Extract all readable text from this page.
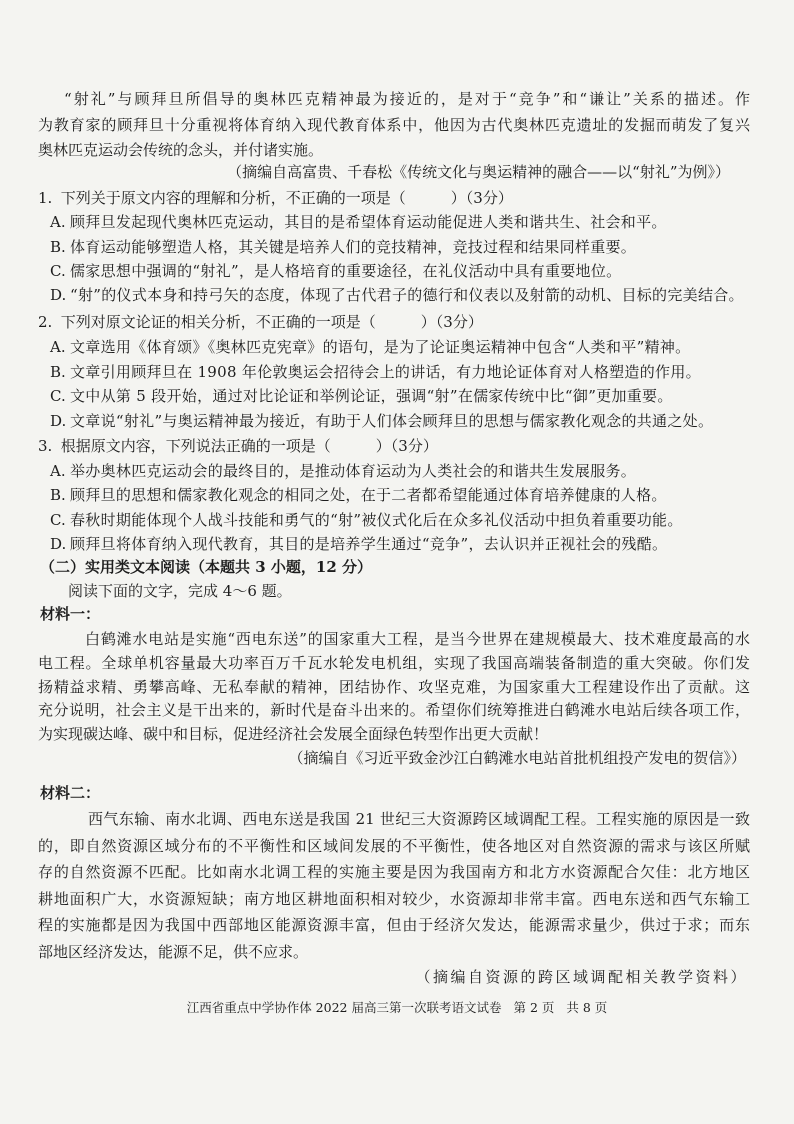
“射礼”与顾拜旦所倡导的奥林匹克精神最为接近的，是对于“竞争”和“谦让”关系的描述。作
为教育家的顾拜旦十分重视将体育纳入现代教育体系中，他因为古代奥林匹克遗址的发掘而萌发了复兴
奥林匹克运动会传统的念头，并付诸实施。
（摘编自高富贵、千春松《传统文化与奥运精神的融合——以“射礼”为例》）
1. 下列关于原文内容的理解和分析，不正确的一项是（　　　）（3分）
A. 顾拜旦发起现代奥林匹克运动，其目的是希望体育运动能促进人类和谐共生、社会和平。
B. 体育运动能够塑造人格，其关键是培养人们的竞技精神，竞技过程和结果同样重要。
C. 儒家思想中强调的“射礼”，是人格培育的重要途径，在礼仪活动中具有重要地位。
D. “射”的仪式本身和持弓矢的态度，体现了古代君子的德行和仪表以及射箭的动机、目标的完美结合。
2. 下列对原文论证的相关分析，不正确的一项是（　　　）（3分）
A. 文章选用《体育颂》《奥林匹克宪章》的语句，是为了论证奥运精神中包含“人类和平”精神。
B. 文章引用顾拜旦在 1908 年伦敦奥运会招待会上的讲话，有力地论证体育对人格塑造的作用。
C. 文中从第 5 段开始，通过对比论证和举例论证，强调“射”在儒家传统中比“御”更加重要。
D. 文章说“射礼”与奥运精神最为接近，有助于人们体会顾拜旦的思想与儒家教化观念的共通之处。
3. 根据原文内容，下列说法正确的一项是（　　　）（3分）
A. 举办奥林匹克运动会的最终目的，是推动体育运动为人类社会的和谐共生发展服务。
B. 顾拜旦的思想和儒家教化观念的相同之处，在于二者都希望能通过体育培养健康的人格。
C. 春秋时期能体现个人战斗技能和勇气的“射”被仪式化后在众多礼仪活动中担负着重要功能。
D. 顾拜旦将体育纳入现代教育，其目的是培养学生通过“竞争”，去认识并正视社会的残酷。
（二）实用类文本阅读（本题共 3 小题，12 分）
阅读下面的文字，完成 4～6 题。
材料一：
白鹤滩水电站是实施“西电东送”的国家重大工程，是当今世界在建规模最大、技术难度最高的水
电工程。全球单机容量最大功率百万千瓦水轮发电机组，实现了我国高端装备制造的重大突破。你们发
扬精益求精、勇攀高峰、无私奉献的精神，团结协作、攻坚克难，为国家重大工程建设作出了贡献。这
充分说明，社会主义是干出来的，新时代是奋斗出来的。希望你们统筹推进白鹤滩水电站后续各项工作，
为实现碳达峰、碳中和目标，促进经济社会发展全面绿色转型作出更大贡献！
（摘编自《习近平致金沙江白鹤滩水电站首批机组投产发电的贺信》）
材料二：
西气东输、南水北调、西电东送是我国 21 世纪三大资源跨区域调配工程。工程实施的原因是一致
的，即自然资源区域分布的不平衡性和区域间发展的不平衡性，使各地区对自然资源的需求与该区所赋
存的自然资源不匹配。比如南水北调工程的实施主要是因为我国南方和北方水资源配合欠佳：北方地区
耕地面积广大，水资源短缺；南方地区耕地面积相对较少，水资源却非常丰富。西电东送和西气东输工
程的实施都是因为我国中西部地区能源资源丰富，但由于经济欠发达，能源需求量少，供过于求；而东
部地区经济发达，能源不足，供不应求。
（摘编自资源的跨区域调配相关教学资料）
江西省重点中学协作体 2022 届高三第一次联考语文试卷 第 2 页 共 8 页
